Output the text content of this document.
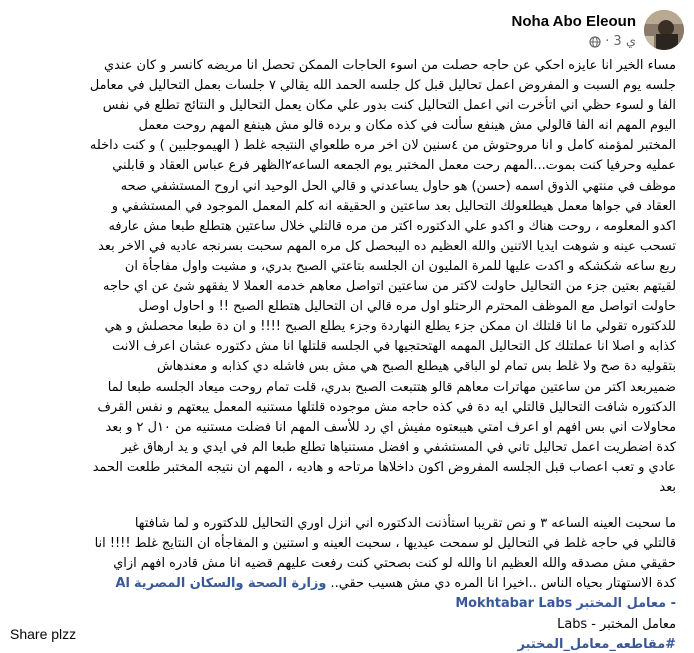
Noha Abo Eleoun
3 ي
·
مساء الخير انا عايزه احكي عن حاجه حصلت من اسوء الحاجات الممكن تحصل انا مريضه كانسر و كان عندي
جلسه يوم السبت و المفروض اعمل تحاليل قبل كل جلسه الحمد الله يقالي ٧ جلسات بعمل التحاليل في معامل
الفا و لسوء حظي اني اتأخرت اني اعمل التحاليل كنت بدور علي مكان يعمل التحاليل و النتائج تطلع في نفس
اليوم المهم انه الفا قالولي مش هينفع سألت في كذه مكان و برده قالو مش هينفع المهم روحت معمل
المختبر لمؤمنه كامل و انا مروحتوش من ٤سنين لان اخر مره طلعواي النتيجه غلط ( الهيموجلبين ) و كنت داخله
عمليه وحرفيا كنت بموت...المهم رحت معمل المختبر يوم الجمعه الساعه٢الظهر فرع عباس العقاد و قابلني
موظف في منتهي الذوق اسمه (حسن) هو حاول يساعدني و قالي الحل الوحيد اني اروح المستشفي صحه
العقاد في جواها معمل هيطلعولك التحاليل بعد ساعتين و الحقيقه انه كلم المعمل الموجود في المستشفي و
اكدو المعلومه ، روحت هناك و اكدو علي الدكتوره اكتر من مره قالتلي خلال ساعتين هتطلع طبعا مش عارفه
تسحب عينه و شوهت ايديا الاتنين والله العظيم ده اليبحصل كل مره المهم سحبت بسرنجه عاديه في الاخر بعد
ربع ساعه شكشكه و اكدت عليها للمرة المليون ان الجلسه بتاعتي الصبح بدري، و مشيت واول مفاجأة ان
لقيتهم بعتين جزء من التحاليل حاولت لاكتر من ساعتين اتواصل معاهم خدمه العملا لا يفقهو شئ عن اي حاجه
حاولت اتواصل مع الموظف المحترم الرحتلو اول مره قالي ان التحاليل هتطلع الصبح !! و احاول اوصل
للدكتوره تقولي ما انا قلتلك ان ممكن جزء يطلع النهاردة وجزء يطلع الصبح !!!! و ان دة طبعا محصلش و هي
كذابه و اصلا انا عملتلك كل التحاليل المهمه الهتحتجيها في الجلسه قلتلها انا مش دكتوره عشان اعرف الانت
بتقوليه دة صح ولا غلط بس تمام لو الباقي هيطلع الصبح هي مش بس فاشله دي كذابه و معندهاش
ضميربعد اكتر من ساعتين مهاترات معاهم قالو هتتبعت الصبح بدري، قلت تمام روحت ميعاد الجلسه طبعا لما
الدكتوره شافت التحاليل قالتلي ايه دة في كذه حاجه مش موجوده قلتلها مستنيه المعمل يبعتهم و نفس القرف
محاولات اني بس افهم او اعرف امتي هيبعتوه مفيش اي رد للأسف المهم انا فضلت مستنيه من ١٠ل ٢ و بعد
كدة اضطريت اعمل تحاليل تاني في المستشفي و افضل مستنياها تطلع طبعا الم في ايدي و يد ارهاق غير
عادي و تعب اعصاب قبل الجلسه المفروض اكون داخلاها مرتاحه و هاديه ، المهم ان نتيجه المختبر طلعت الحمد
بعد
ما سحبت العينه الساعه ٣ و نص تقريبا استأذنت الدكتوره اني انزل اوري التحاليل للدكتوره و لما شافتها
قالتلي في حاجه غلط في التحاليل لو سمحت عيديها ، سحبت العينه و استنين و المفاجأه ان النتايج غلط !!!! انا
حقيقي مش مصدقه والله العظيم انا والله لو كنت بصحتي كنت رفعت عليهم قضيه انا مش قادره افهم ازاي
كدة الاستهتار بحياه الناس ..اخيرا انا المره دي مش هسيب حقي.. وزارة الصحة والسكان المصرية Al
- معامل المختبر Mokhtabar Labs
معامل المختبر - Labs
#مقاطعه_معامل_المختبر
Share plzz
